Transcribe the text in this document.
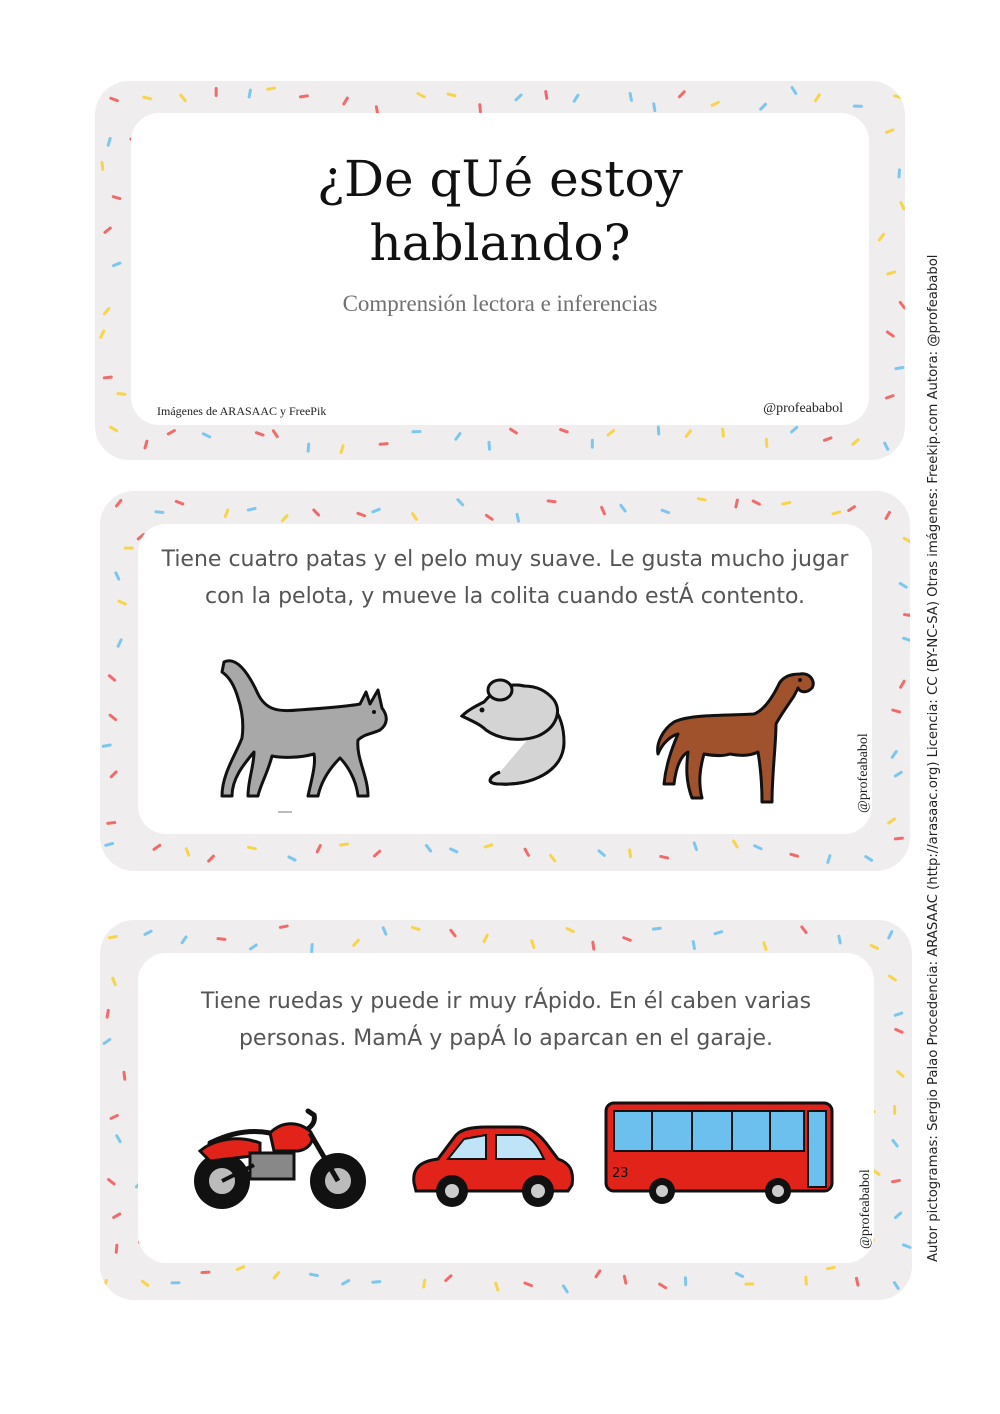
¿De qUé estoy
hablando?
Comprensión lectora e inferencias
Imágenes de ARASAAC y FreePik	@profeababol
Tiene cuatro patas y el pelo muy suave. Le gusta mucho jugar con la pelota, y mueve la colita cuando estÁ contento.
@profeababol
Tiene ruedas y puede ir muy rÁpido. En él caben varias personas. MamÁ y papÁ lo aparcan en el garaje.
23	@profeababol	Autor pictogramas: Sergio Palao Procedencia: ARASAAC (http://arasaac.org) Licencia: CC (BY-NC-SA) Otras imágenes: Freekip.com Autora: @profeababol
